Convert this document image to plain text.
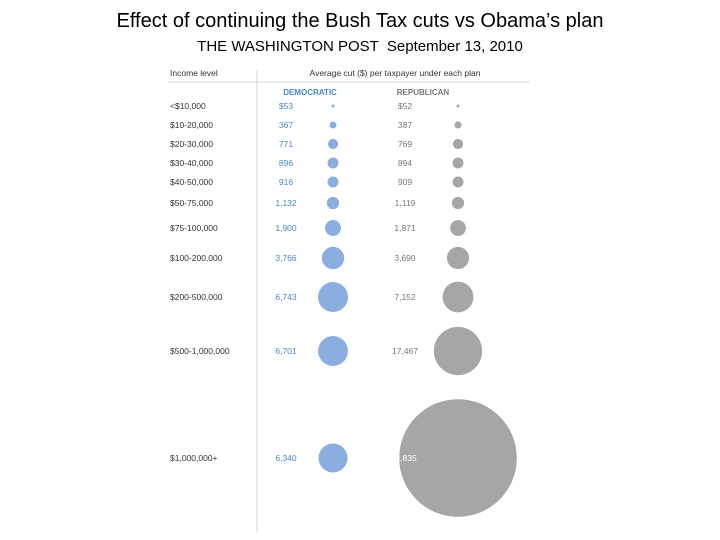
Effect of continuing the Bush Tax cuts vs Obama’s plan
THE WASHINGTON POST  September 13, 2010
Income level	Average cut ($) per taxpayer under each plan
DEMOCRATIC	REPUBLICAN
<$10,000	$53	$52
$10-20,000	367	387
$20-30,000	771	769
$30-40,000	896	894
$40-50,000	916	909
$50-75,000	1,132	1,119
$75-100,000	1,900	1,871
$100-200,000	3,766	3,690
$200-500,000	6,743	7,152
$500-1,000,000	6,701	17,467
$1,000,000+	6,340	103,835
